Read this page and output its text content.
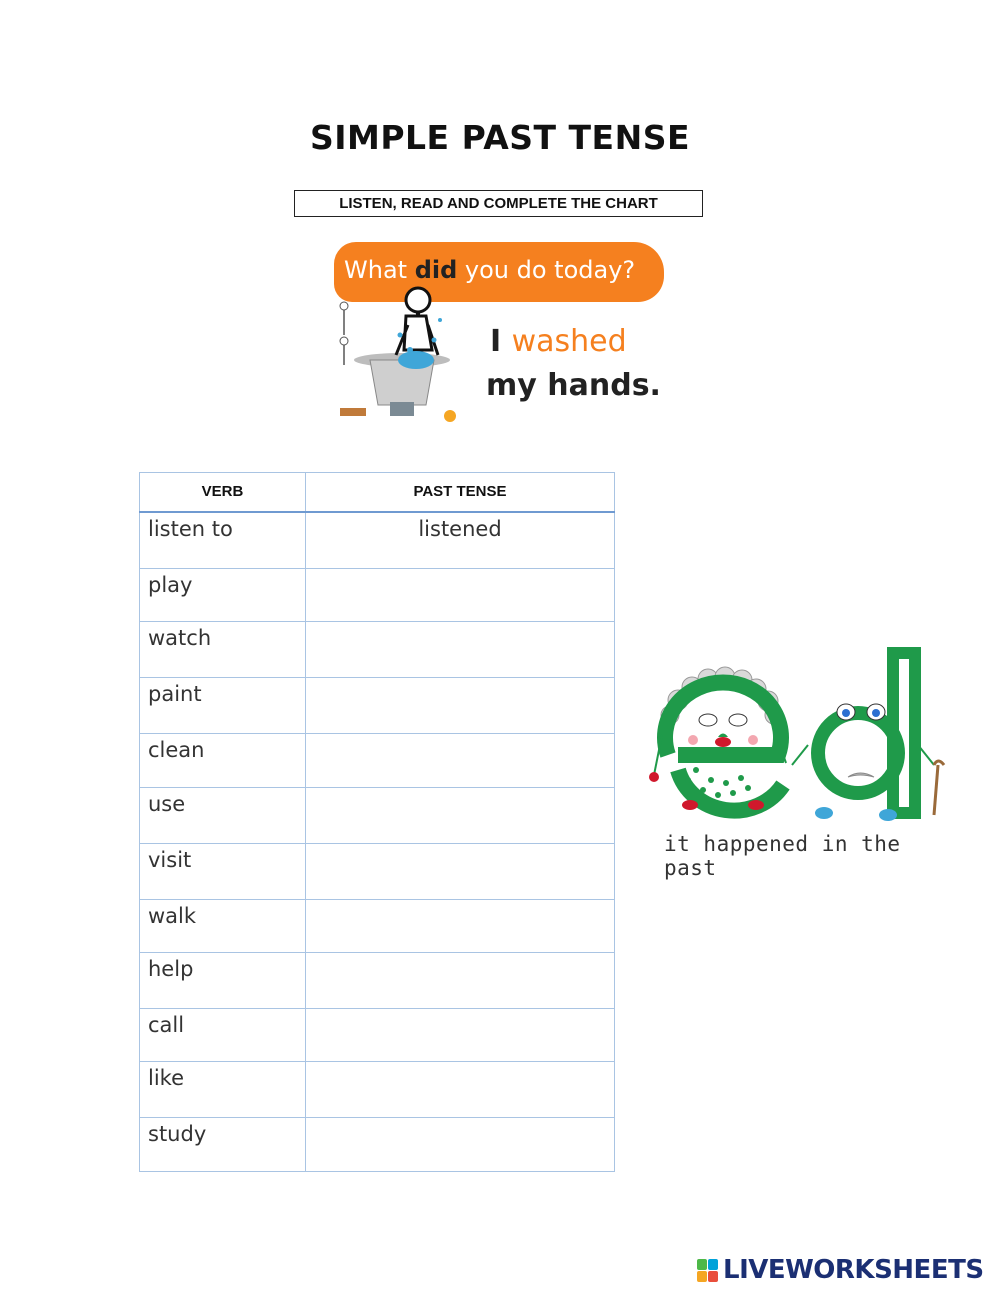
SIMPLE PAST TENSE
LISTEN, READ AND COMPLETE THE CHART
What did you do today?
I washed
my hands.
VERB	PAST TENSE
listen to	listened
play	
watch	
paint	
clean	
use	
visit	
walk	
help	
call	
like	
study	
it happened in the past
LIVEWORKSHEETS
